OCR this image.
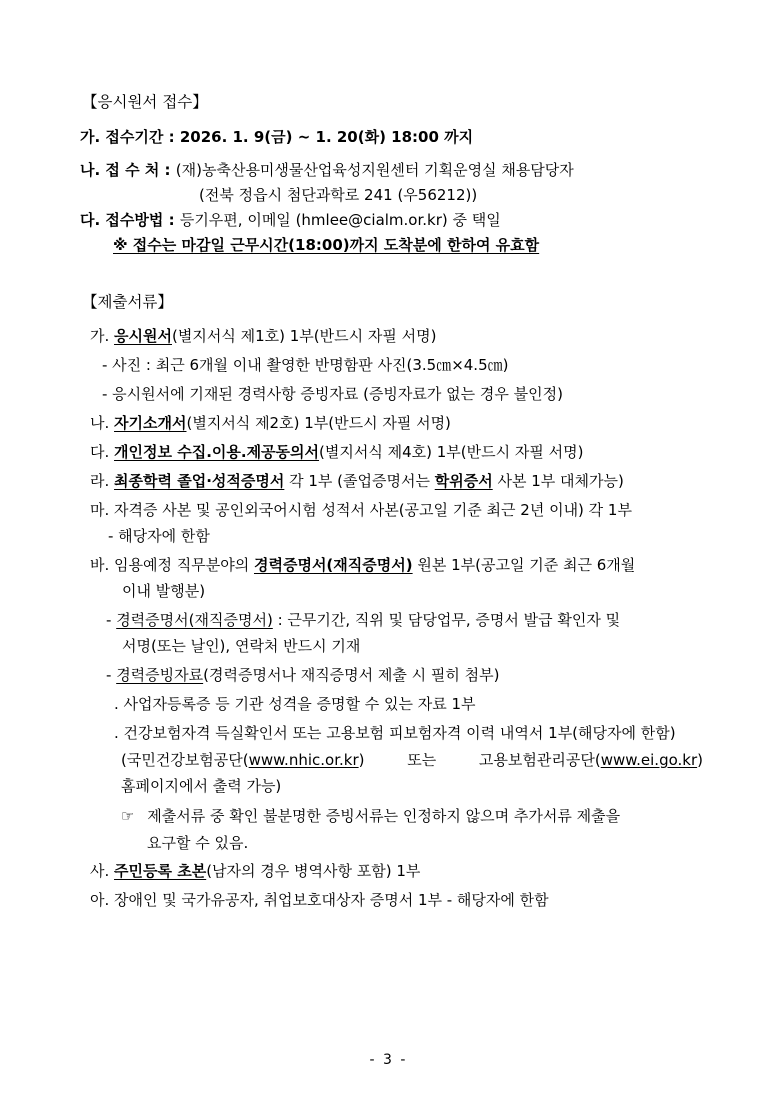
【응시원서 접수】
가. 접수기간 : 2026. 1. 9(금) ~ 1. 20(화) 18:00 까지
나. 접 수 처 : (재)농축산용미생물산업육성지원센터 기획운영실 채용담당자
(전북 정읍시 첨단과학로 241 (우56212))
다. 접수방법 : 등기우편, 이메일 (hmlee@cialm.or.kr) 중 택일
※ 접수는 마감일 근무시간(18:00)까지 도착분에 한하여 유효함
【제출서류】
가. 응시원서(별지서식 제1호) 1부(반드시 자필 서명)
- 사진 : 최근 6개월 이내 촬영한 반명함판 사진(3.5㎝×4.5㎝)
- 응시원서에 기재된 경력사항 증빙자료 (증빙자료가 없는 경우 불인정)
나. 자기소개서(별지서식 제2호) 1부(반드시 자필 서명)
다. 개인정보 수집.이용.제공동의서(별지서식 제4호) 1부(반드시 자필 서명)
라. 최종학력 졸업·성적증명서 각 1부 (졸업증명서는 학위증서 사본 1부 대체가능)
마. 자격증 사본 및 공인외국어시험 성적서 사본(공고일 기준 최근 2년 이내) 각 1부
- 해당자에 한함
바. 임용예정 직무분야의 경력증명서(재직증명서) 원본 1부(공고일 기준 최근 6개월
이내 발행분)
- 경력증명서(재직증명서) : 근무기간, 직위 및 담당업무, 증명서 발급 확인자 및
서명(또는 날인), 연락처 반드시 기재
- 경력증빙자료(경력증명서나 재직증명서 제출 시 필히 첨부)
. 사업자등록증 등 기관 성격을 증명할 수 있는 자료 1부
. 건강보험자격 득실확인서 또는 고용보험 피보험자격 이력 내역서 1부(해당자에 한함)
(국민건강보험공단(www.nhic.or.kr)	또는	고용보험관리공단(www.ei.go.kr)
홈페이지에서 출력 가능)
☞ 제출서류 중 확인 불분명한 증빙서류는 인정하지 않으며 추가서류 제출을
요구할 수 있음.
사. 주민등록 초본(남자의 경우 병역사항 포함) 1부
아. 장애인 및 국가유공자, 취업보호대상자 증명서 1부 - 해당자에 한함
- 3 -
